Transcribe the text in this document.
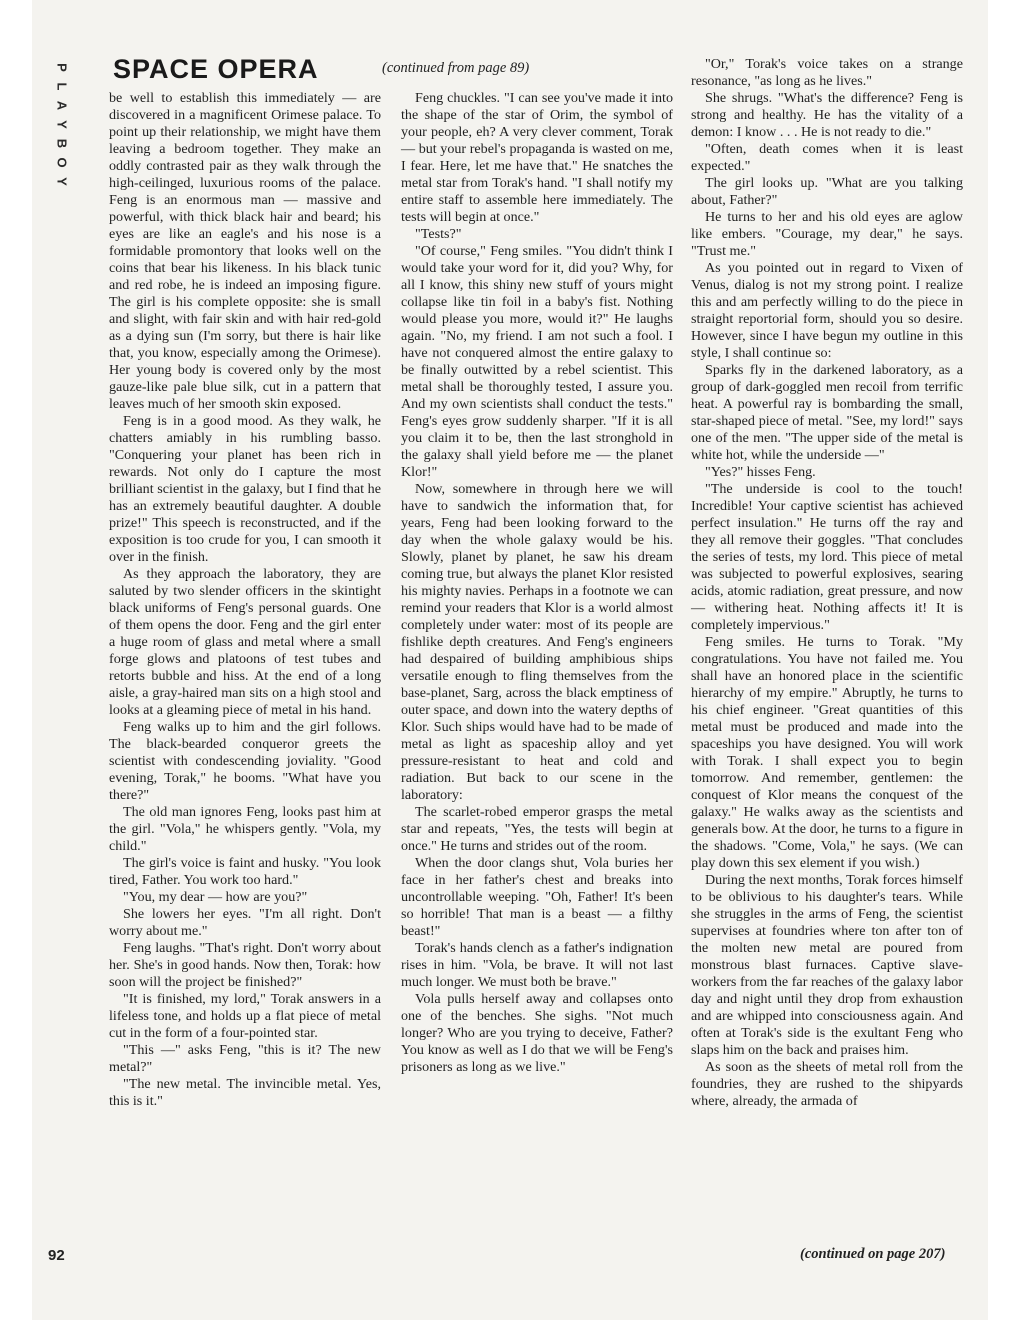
P
L
A
Y
B
O
Y
SPACE OPERA	(continued from page 89)

be well to establish this immediately — are discovered in a magnificent Orimese palace. To point up their relationship, we might have them leaving a bedroom together. They make an oddly contrasted pair as they walk through the high-ceilinged, luxurious rooms of the palace. Feng is an enormous man — massive and powerful, with thick black hair and beard; his eyes are like an eagle's and his nose is a formidable promontory that looks well on the coins that bear his likeness. In his black tunic and red robe, he is indeed an imposing figure. The girl is his complete opposite: she is small and slight, with fair skin and with hair red-gold as a dying sun (I'm sorry, but there is hair like that, you know, especially among the Orimese). Her young body is covered only by the most gauze-like pale blue silk, cut in a pattern that leaves much of her smooth skin exposed.

Feng is in a good mood. As they walk, he chatters amiably in his rumbling basso. "Conquering your planet has been rich in rewards. Not only do I capture the most brilliant scientist in the galaxy, but I find that he has an extremely beautiful daughter. A double prize!" This speech is reconstructed, and if the exposition is too crude for you, I can smooth it over in the finish.

As they approach the laboratory, they are saluted by two slender officers in the skintight black uniforms of Feng's personal guards. One of them opens the door. Feng and the girl enter a huge room of glass and metal where a small forge glows and platoons of test tubes and retorts bubble and hiss. At the end of a long aisle, a gray-haired man sits on a high stool and looks at a gleaming piece of metal in his hand.

Feng walks up to him and the girl follows. The black-bearded conqueror greets the scientist with condescending joviality. "Good evening, Torak," he booms. "What have you there?"

The old man ignores Feng, looks past him at the girl. "Vola," he whispers gently. "Vola, my child."

The girl's voice is faint and husky. "You look tired, Father. You work too hard."

"You, my dear — how are you?"

She lowers her eyes. "I'm all right. Don't worry about me."

Feng laughs. "That's right. Don't worry about her. She's in good hands. Now then, Torak: how soon will the project be finished?"

"It is finished, my lord," Torak answers in a lifeless tone, and holds up a flat piece of metal cut in the form of a four-pointed star.

"This —" asks Feng, "this is it? The new metal?"

"The new metal. The invincible metal. Yes, this is it."

Feng chuckles. "I can see you've made it into the shape of the star of Orim, the symbol of your people, eh? A very clever comment, Torak — but your rebel's propaganda is wasted on me, I fear. Here, let me have that." He snatches the metal star from Torak's hand. "I shall notify my entire staff to assemble here immediately. The tests will begin at once."

"Tests?"

"Of course," Feng smiles. "You didn't think I would take your word for it, did you? Why, for all I know, this shiny new stuff of yours might collapse like tin foil in a baby's fist. Nothing would please you more, would it?" He laughs again. "No, my friend. I am not such a fool. I have not conquered almost the entire galaxy to be finally outwitted by a rebel scientist. This metal shall be thoroughly tested, I assure you. And my own scientists shall conduct the tests." Feng's eyes grow suddenly sharper. "If it is all you claim it to be, then the last stronghold in the galaxy shall yield before me — the planet Klor!"

Now, somewhere in through here we will have to sandwich the information that, for years, Feng had been looking forward to the day when the whole galaxy would be his. Slowly, planet by planet, he saw his dream coming true, but always the planet Klor resisted his mighty navies. Perhaps in a footnote we can remind your readers that Klor is a world almost completely under water: most of its people are fishlike depth creatures. And Feng's engineers had despaired of building amphibious ships versatile enough to fling themselves from the base-planet, Sarg, across the black emptiness of outer space, and down into the watery depths of Klor. Such ships would have had to be made of metal as light as spaceship alloy and yet pressure-resistant to heat and cold and radiation. But back to our scene in the laboratory:

The scarlet-robed emperor grasps the metal star and repeats, "Yes, the tests will begin at once." He turns and strides out of the room.

When the door clangs shut, Vola buries her face in her father's chest and breaks into uncontrollable weeping. "Oh, Father! It's been so horrible! That man is a beast — a filthy beast!"

Torak's hands clench as a father's indignation rises in him. "Vola, be brave. It will not last much longer. We must both be brave."

Vola pulls herself away and collapses onto one of the benches. She sighs. "Not much longer? Who are you trying to deceive, Father? You know as well as I do that we will be Feng's prisoners as long as we live."

"Or," Torak's voice takes on a strange resonance, "as long as he lives."

She shrugs. "What's the difference? Feng is strong and healthy. He has the vitality of a demon: I know . . . He is not ready to die."

"Often, death comes when it is least expected."

The girl looks up. "What are you talking about, Father?"

He turns to her and his old eyes are aglow like embers. "Courage, my dear," he says. "Trust me."

As you pointed out in regard to Vixen of Venus, dialog is not my strong point. I realize this and am perfectly willing to do the piece in straight reportorial form, should you so desire. However, since I have begun my outline in this style, I shall continue so:

Sparks fly in the darkened laboratory, as a group of dark-goggled men recoil from terrific heat. A powerful ray is bombarding the small, star-shaped piece of metal. "See, my lord!" says one of the men. "The upper side of the metal is white hot, while the underside —"

"Yes?" hisses Feng.

"The underside is cool to the touch! Incredible! Your captive scientist has achieved perfect insulation." He turns off the ray and they all remove their goggles. "That concludes the series of tests, my lord. This piece of metal was subjected to powerful explosives, searing acids, atomic radiation, great pressure, and now — withering heat. Nothing affects it! It is completely impervious."

Feng smiles. He turns to Torak. "My congratulations. You have not failed me. You shall have an honored place in the scientific hierarchy of my empire." Abruptly, he turns to his chief engineer. "Great quantities of this metal must be produced and made into the spaceships you have designed. You will work with Torak. I shall expect you to begin tomorrow. And remember, gentlemen: the conquest of Klor means the conquest of the galaxy." He walks away as the scientists and generals bow. At the door, he turns to a figure in the shadows. "Come, Vola," he says. (We can play down this sex element if you wish.)

During the next months, Torak forces himself to be oblivious to his daughter's tears. While she struggles in the arms of Feng, the scientist supervises at foundries where ton after ton of the molten new metal are poured from monstrous blast furnaces. Captive slave-workers from the far reaches of the galaxy labor day and night until they drop from exhaustion and are whipped into consciousness again. And often at Torak's side is the exultant Feng who slaps him on the back and praises him.

As soon as the sheets of metal roll from the foundries, they are rushed to the shipyards where, already, the armada of

92	(continued on page 207)
